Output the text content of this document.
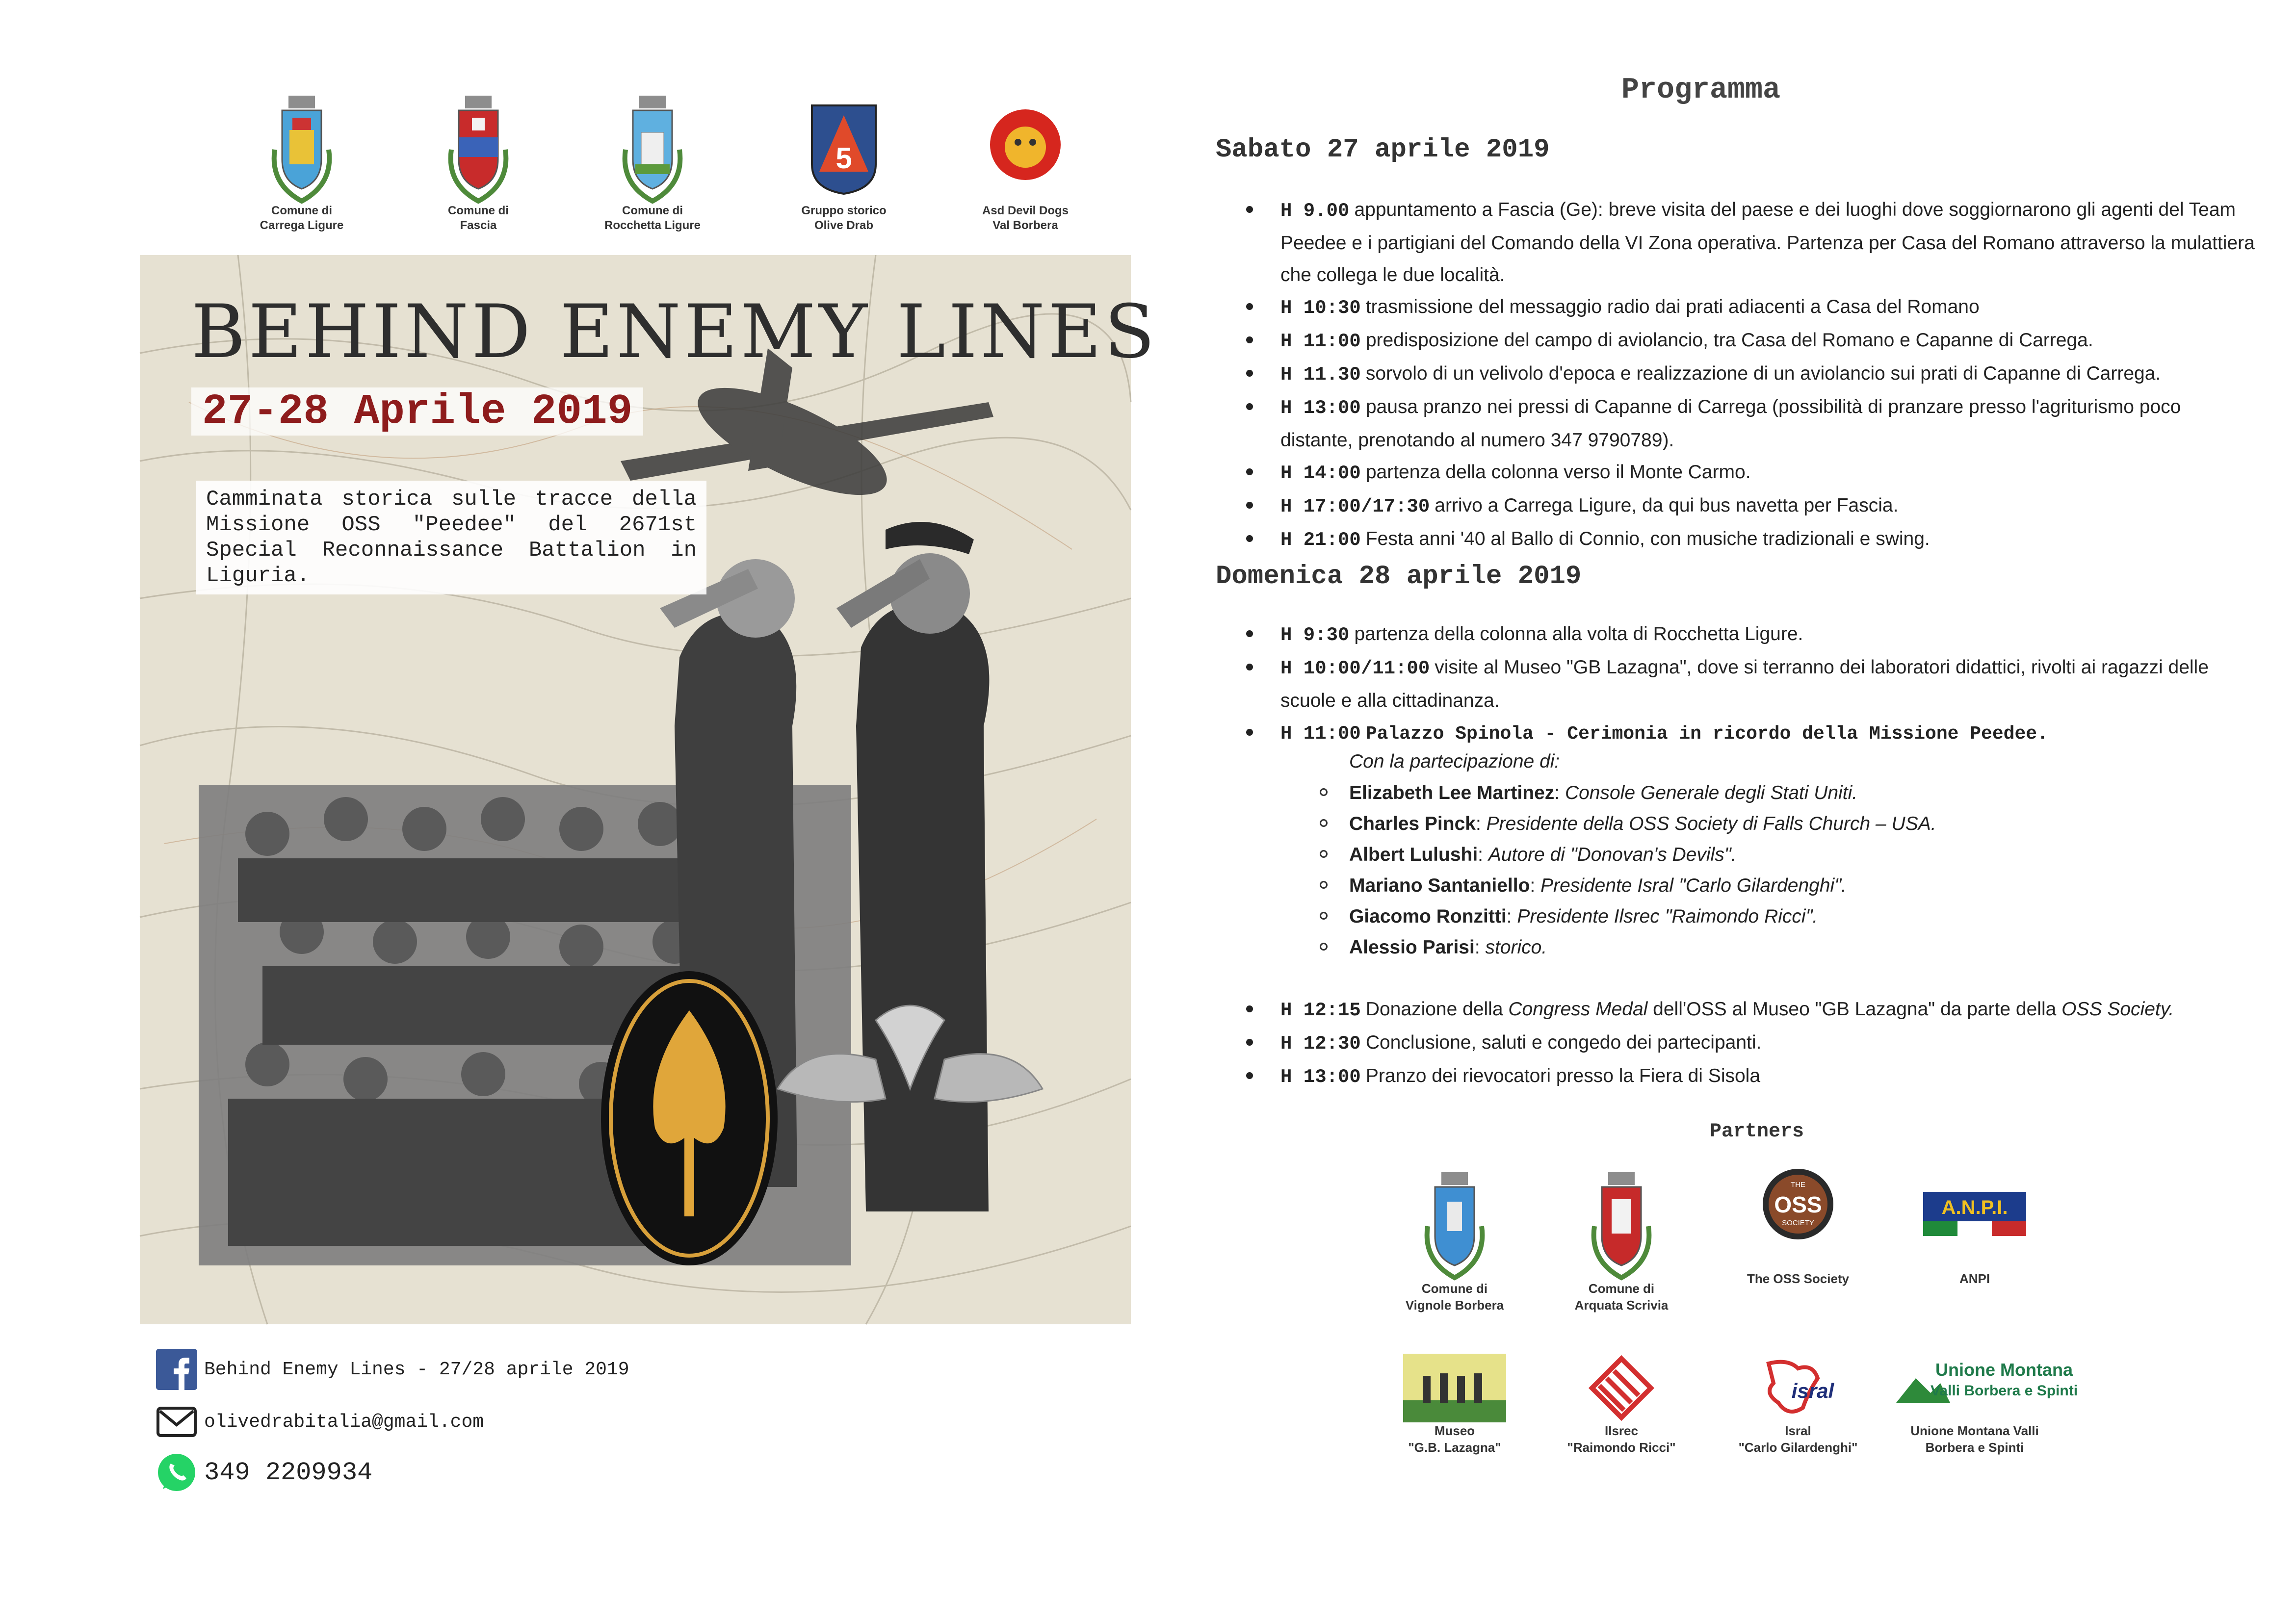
Comune di
Carrega Ligure
Comune di
Fascia
Comune di
Rocchetta Ligure
5
Gruppo storico
Olive Drab
Asd Devil Dogs
Val Borbera
BEHIND ENEMY LINES
27-28 Aprile 2019
Camminata storica sulle tracce della Missione OSS "Peedee" del 2671st Special Reconnaissance Battalion in Liguria.
Behind Enemy Lines - 27/28 aprile 2019
olivedrabitalia@gmail.com
349 2209934
Programma
Sabato 27 aprile 2019
H 9.00 appuntamento a Fascia (Ge): breve visita del paese e dei luoghi dove soggiornarono gli agenti del Team Peedee e i partigiani del Comando della VI Zona operativa. Partenza per Casa del Romano attraverso la mulattiera che collega le due località.
H 10:30 trasmissione del messaggio radio dai prati adiacenti a Casa del Romano
H 11:00 predisposizione del campo di aviolancio, tra Casa del Romano e Capanne di Carrega.
H 11.30 sorvolo di un velivolo d'epoca e realizzazione di un aviolancio sui prati di Capanne di Carrega.
H 13:00 pausa pranzo nei pressi di Capanne di Carrega (possibilità di pranzare presso l'agriturismo poco distante, prenotando al numero 347 9790789).
H 14:00 partenza della colonna verso il Monte Carmo.
H 17:00/17:30 arrivo a Carrega Ligure, da qui bus navetta per Fascia.
H 21:00 Festa anni '40 al Ballo di Connio, con musiche tradizionali e swing.
Domenica 28 aprile 2019
H 9:30 partenza della colonna alla volta di Rocchetta Ligure.
H 10:00/11:00 visite al Museo "GB Lazagna", dove si terranno dei laboratori didattici, rivolti ai ragazzi delle scuole e alla cittadinanza.
H 11:00 Palazzo Spinola - Cerimonia in ricordo della Missione Peedee.
Con la partecipazione di:
Elizabeth Lee Martinez: Console Generale degli Stati Uniti.
Charles Pinck: Presidente della OSS Society di Falls Church – USA.
Albert Lulushi: Autore di "Donovan's Devils".
Mariano Santaniello: Presidente Isral "Carlo Gilardenghi".
Giacomo Ronzitti: Presidente Ilsrec "Raimondo Ricci".
Alessio Parisi: storico.
H 12:15 Donazione della Congress Medal dell'OSS al Museo "GB Lazagna" da parte della OSS Society.
H 12:30 Conclusione, saluti e congedo dei partecipanti.
H 13:00 Pranzo dei rievocatori presso la Fiera di Sisola
Partners
Comune di
Vignole Borbera
Comune di
Arquata Scrivia
THE
OSS
SOCIETY
The OSS Society
A.N.P.I.
ANPI
Museo
"G.B. Lazagna"
Ilsrec
"Raimondo Ricci"
isral
Isral
"Carlo Gilardenghi"
Unione Montana
Valli Borbera e Spinti
Unione Montana Valli
Borbera e Spinti
